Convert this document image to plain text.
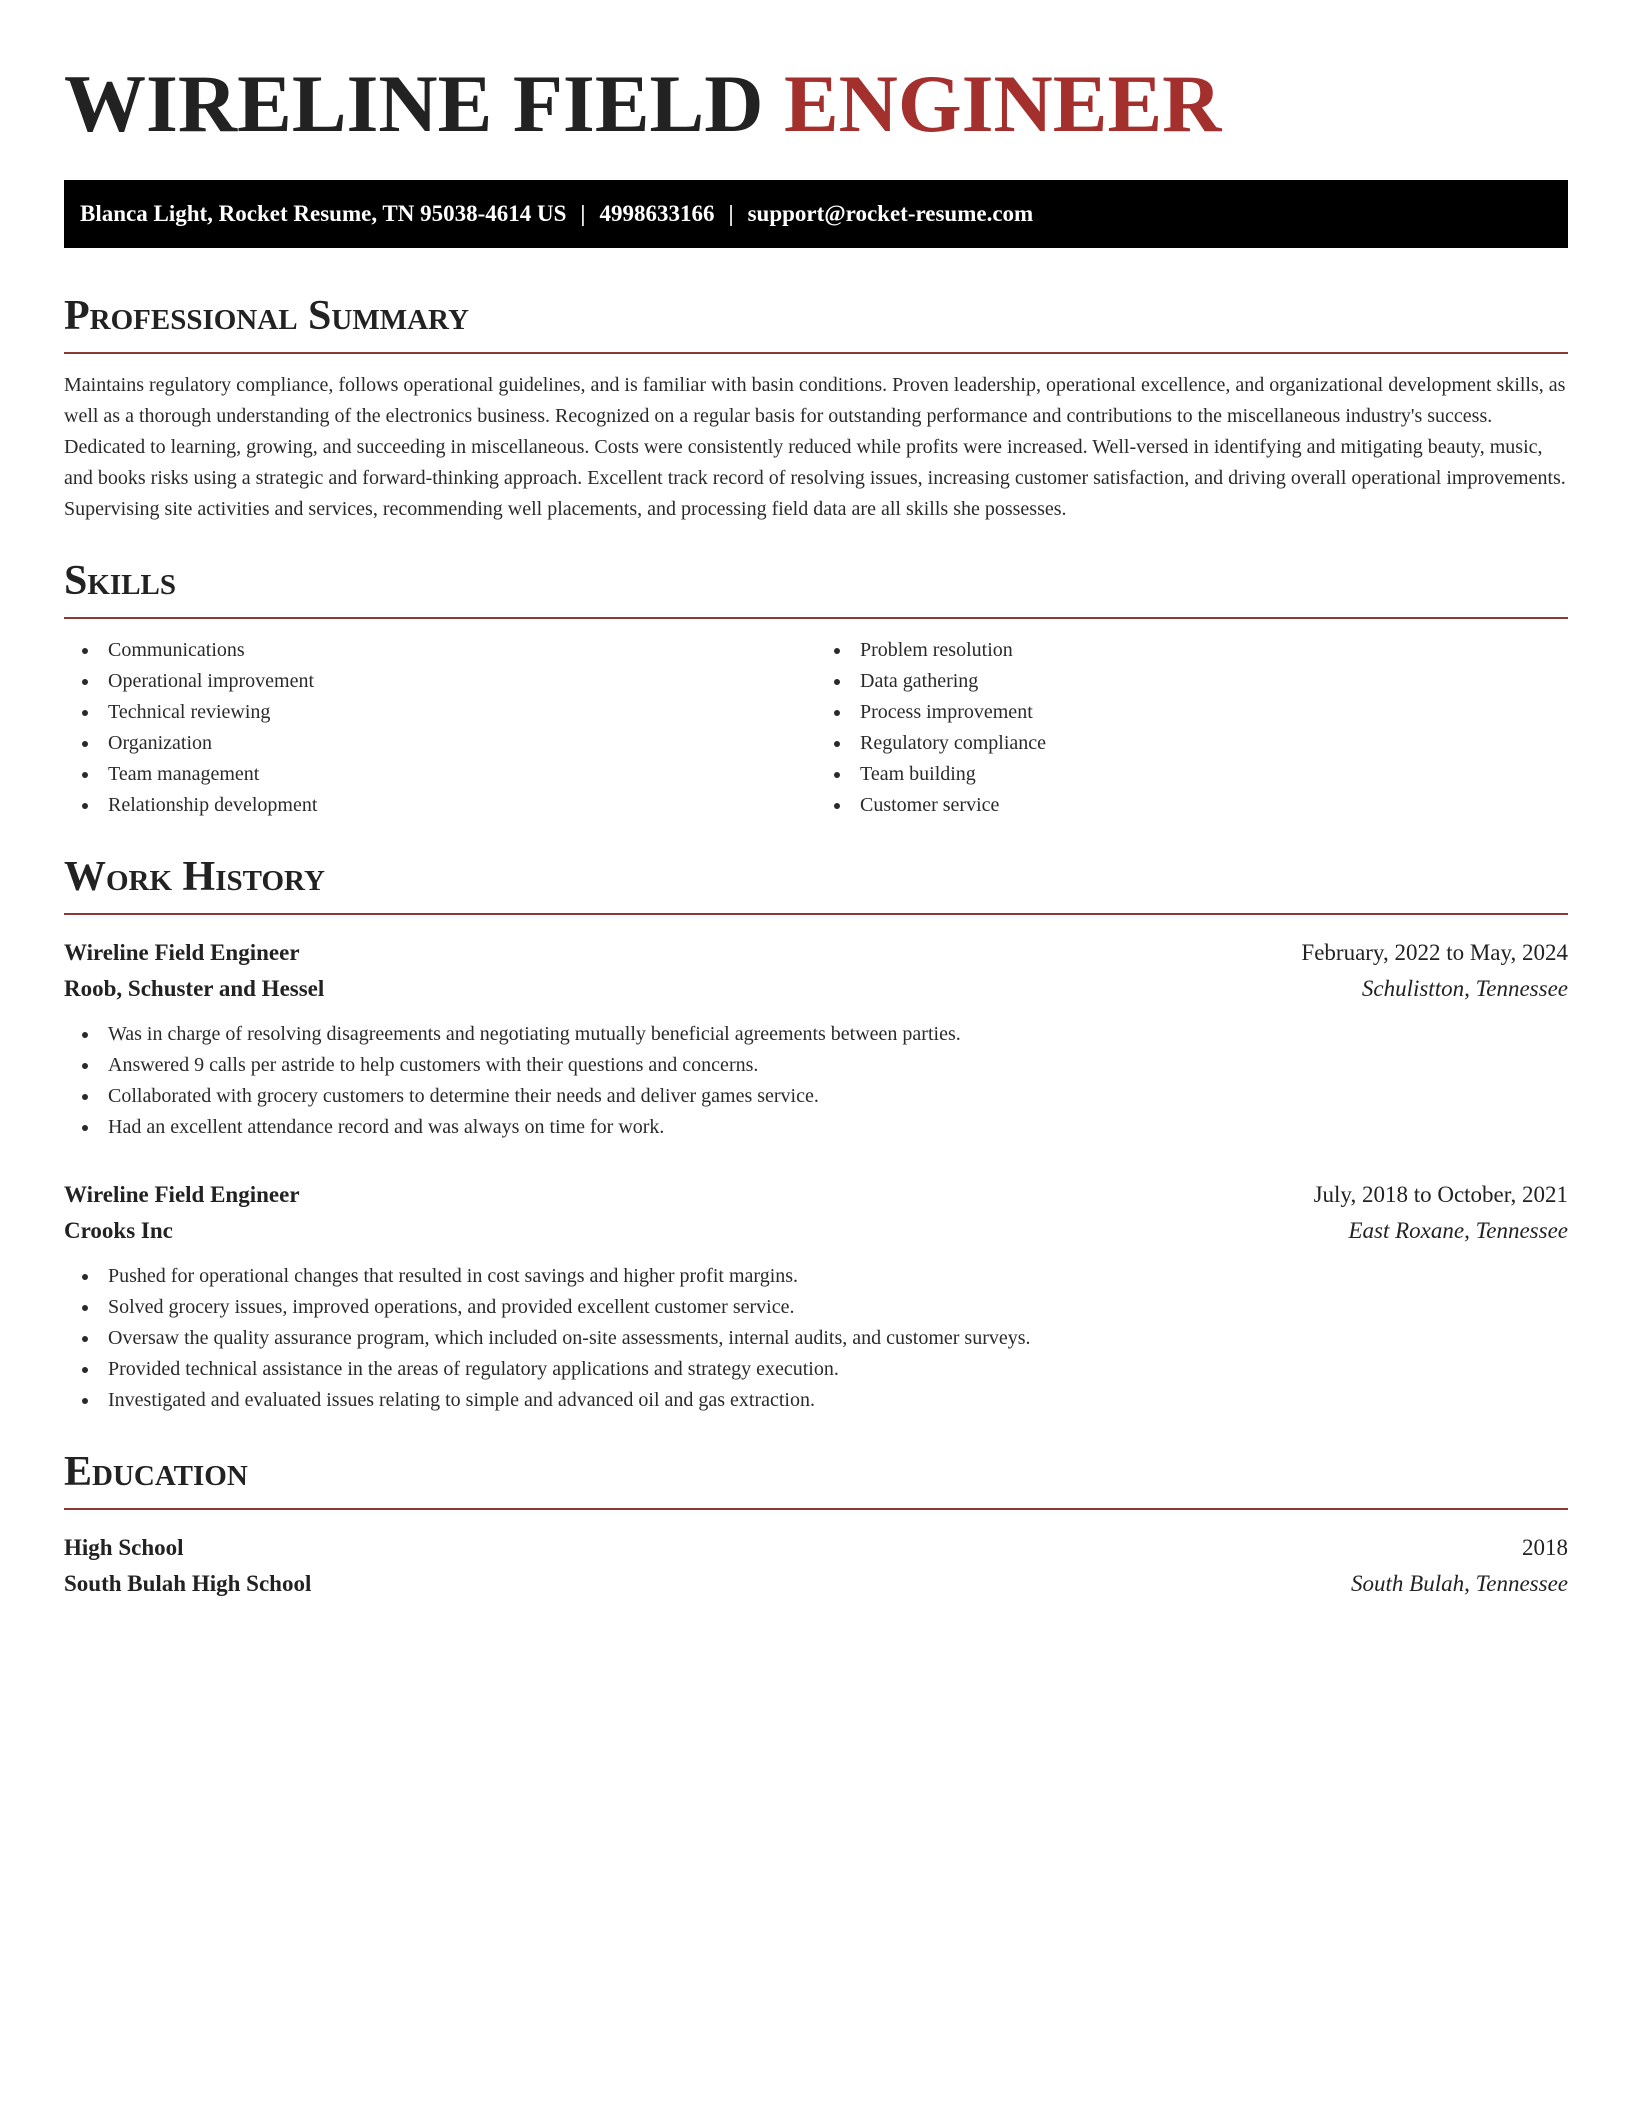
WIRELINE FIELD ENGINEER
Blanca Light, Rocket Resume, TN 95038-4614 US | 4998633166 | support@rocket-resume.com
Professional Summary

Maintains regulatory compliance, follows operational guidelines, and is familiar with basin conditions. Proven leadership, operational excellence, and organizational development skills, as well as a thorough understanding of the electronics business. Recognized on a regular basis for outstanding performance and contributions to the miscellaneous industry's success. Dedicated to learning, growing, and succeeding in miscellaneous. Costs were consistently reduced while profits were increased. Well-versed in identifying and mitigating beauty, music, and books risks using a strategic and forward-thinking approach. Excellent track record of resolving issues, increasing customer satisfaction, and driving overall operational improvements. Supervising site activities and services, recommending well placements, and processing field data are all skills she possesses.

Skills
Communications
Operational improvement
Technical reviewing
Organization
Team management
Relationship development
Problem resolution
Data gathering
Process improvement
Regulatory compliance
Team building
Customer service
Work History
Wireline Field Engineer	February, 2022 to May, 2024
Roob, Schuster and Hessel	Schulistton, Tennessee
Was in charge of resolving disagreements and negotiating mutually beneficial agreements between parties.
Answered 9 calls per astride to help customers with their questions and concerns.
Collaborated with grocery customers to determine their needs and deliver games service.
Had an excellent attendance record and was always on time for work.
Wireline Field Engineer	July, 2018 to October, 2021
Crooks Inc	East Roxane, Tennessee
Pushed for operational changes that resulted in cost savings and higher profit margins.
Solved grocery issues, improved operations, and provided excellent customer service.
Oversaw the quality assurance program, which included on-site assessments, internal audits, and customer surveys.
Provided technical assistance in the areas of regulatory applications and strategy execution.
Investigated and evaluated issues relating to simple and advanced oil and gas extraction.
Education
High School	2018
South Bulah High School	South Bulah, Tennessee
